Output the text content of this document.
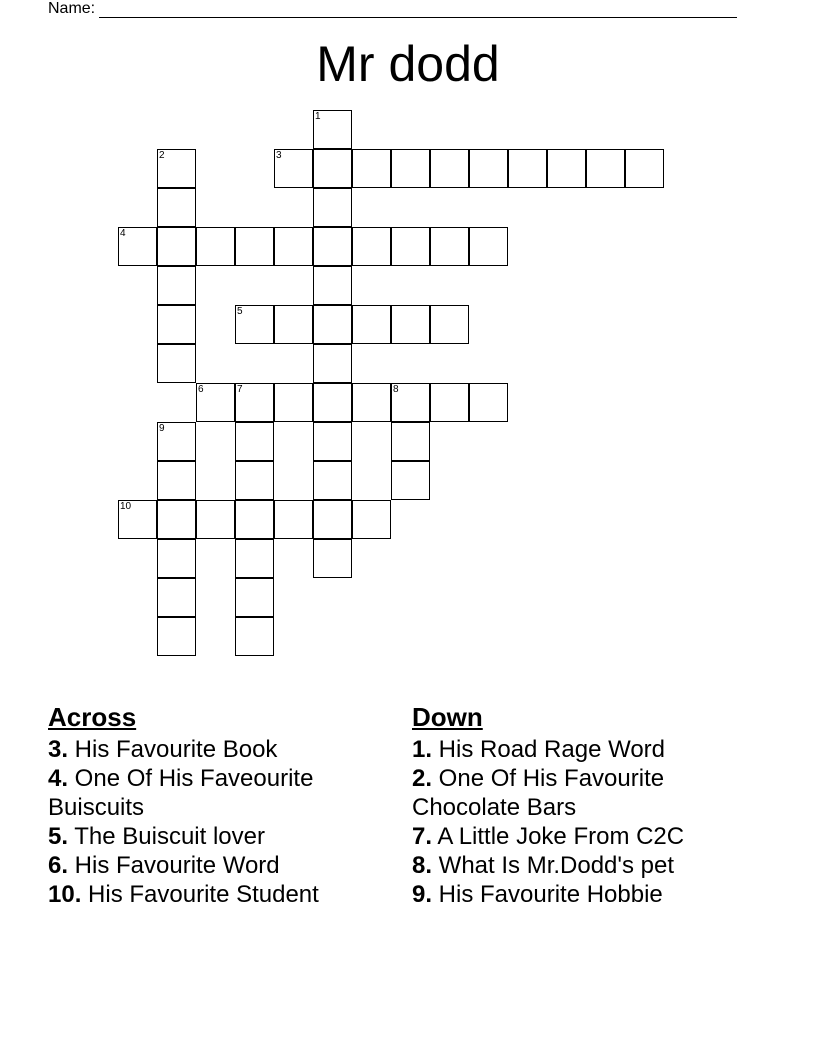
Name:
Mr dodd
1
2	3
4
5
6	7	8
9
10
Across
3. His Favourite Book
4. One Of His Faveourite Buiscuits
5. The Buiscuit lover
6. His Favourite Word
10. His Favourite Student
Down
1. His Road Rage Word
2. One Of His Favourite Chocolate Bars
7. A Little Joke From C2C
8. What Is Mr.Dodd's pet
9. His Favourite Hobbie
